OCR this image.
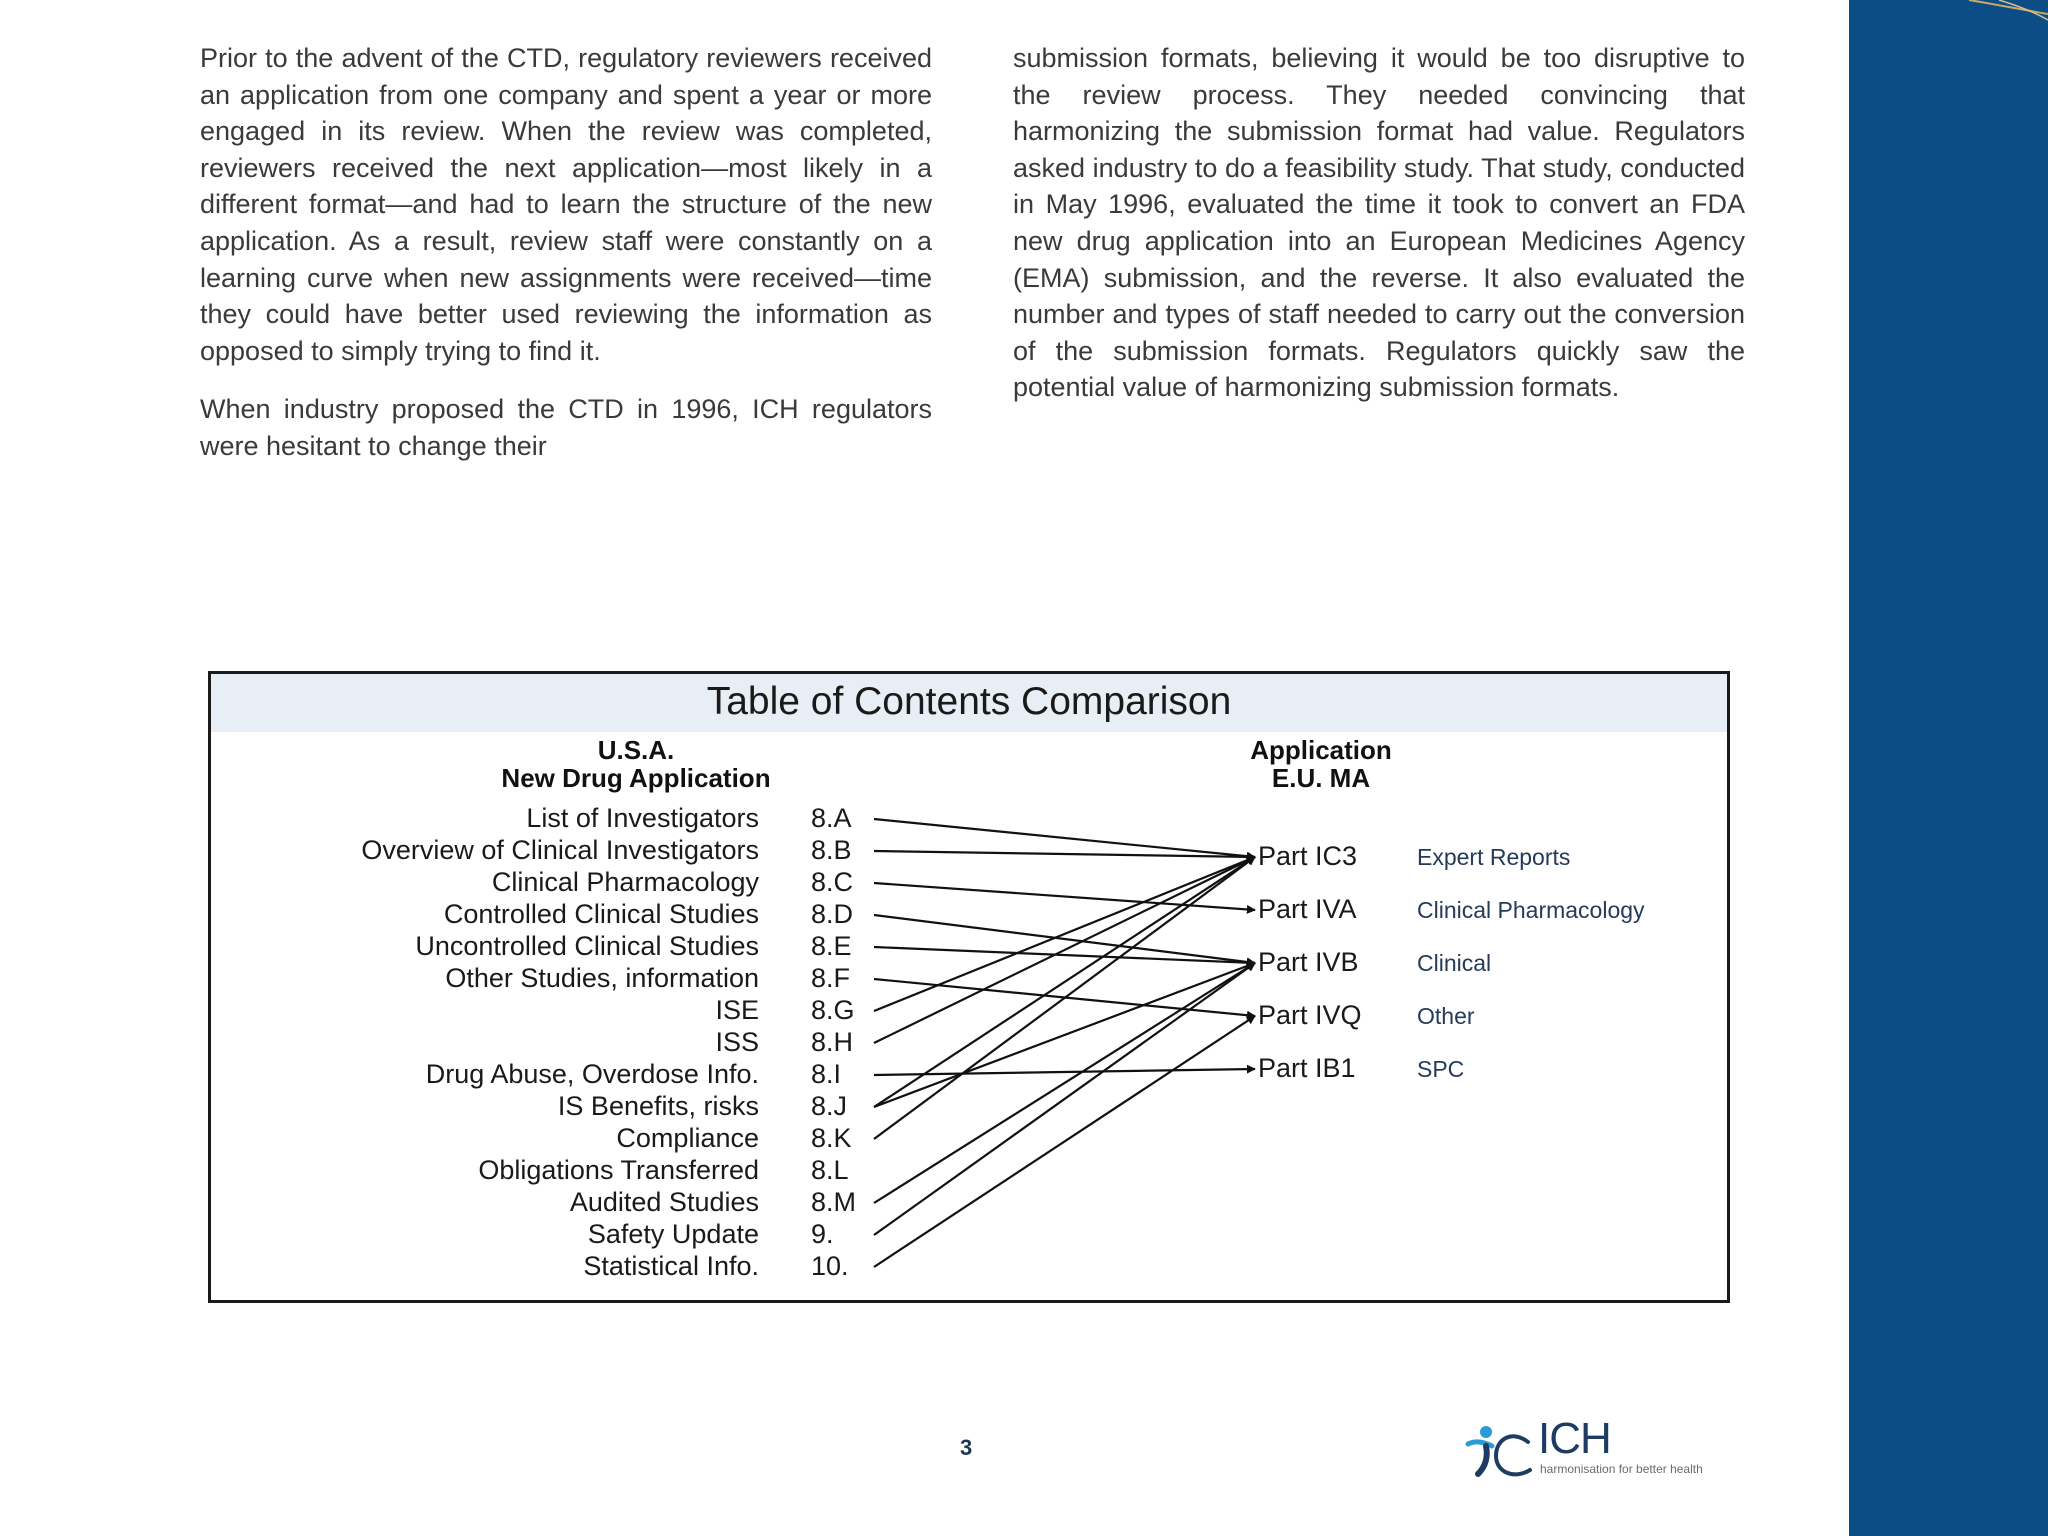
Prior to the advent of the CTD, regulatory reviewers received an application from one company and spent a year or more engaged in its review. When the review was completed, reviewers received the next application—most likely in a different format—and had to learn the structure of the new application. As a result, review staff were constantly on a learning curve when new assignments were received—time they could have better used reviewing the information as opposed to simply trying to find it.

When industry proposed the CTD in 1996, ICH regulators were hesitant to change their

submission formats, believing it would be too disruptive to the review process. They needed convincing that harmonizing the submission format had value. Regulators asked industry to do a feasibility study. That study, conducted in May 1996, evaluated the time it took to convert an FDA new drug application into an European Medicines Agency (EMA) submission, and the reverse. It also evaluated the number and types of staff needed to carry out the conversion of the submission formats. Regulators quickly saw the potential value of harmonizing submission formats.

Table of Contents Comparison
U.S.A.
New Drug Application
Application
E.U. MA
List of Investigators 8.A
Overview of Clinical Investigators 8.B
Clinical Pharmacology 8.C
Controlled Clinical Studies 8.D
Uncontrolled Clinical Studies 8.E
Other Studies, information 8.F
ISE 8.G
ISS 8.H
Drug Abuse, Overdose Info. 8.I
IS Benefits, risks 8.J
Compliance 8.K
Obligations Transferred 8.L
Audited Studies 8.M
Safety Update 9.
Statistical Info. 10.
Part IC3	Expert Reports
Part IVA	Clinical Pharmacology
Part IVB	Clinical
Part IVQ Other
Part IB1	SPC
3	ICH
harmonisation for better health
